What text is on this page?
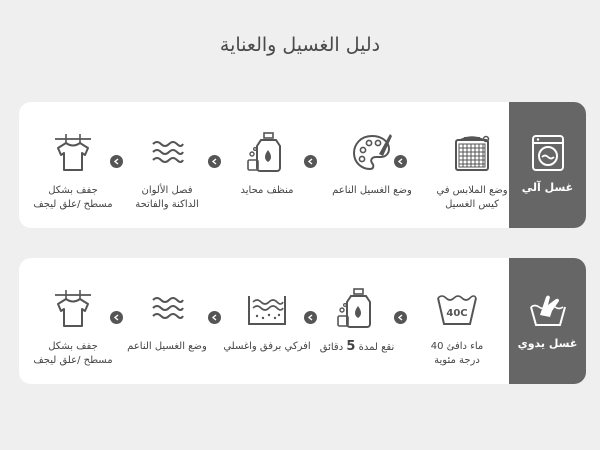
دليل الغسيل والعناية
غسل آلي
وضع الملابس في
كيس الغسيل
وضع الغسيل الناعم
منظف محايد
فصل الألوان
الداكنة والفاتحة
جفف بشكل
مسطح /علق ليجف
غسل يدوي
40C
ماء دافئ 40
درجة مئوية
نقع لمدة 5 دقائق
افركي برفق واغسلي
وضع الغسيل الناعم
جفف بشكل
مسطح /علق ليجف
